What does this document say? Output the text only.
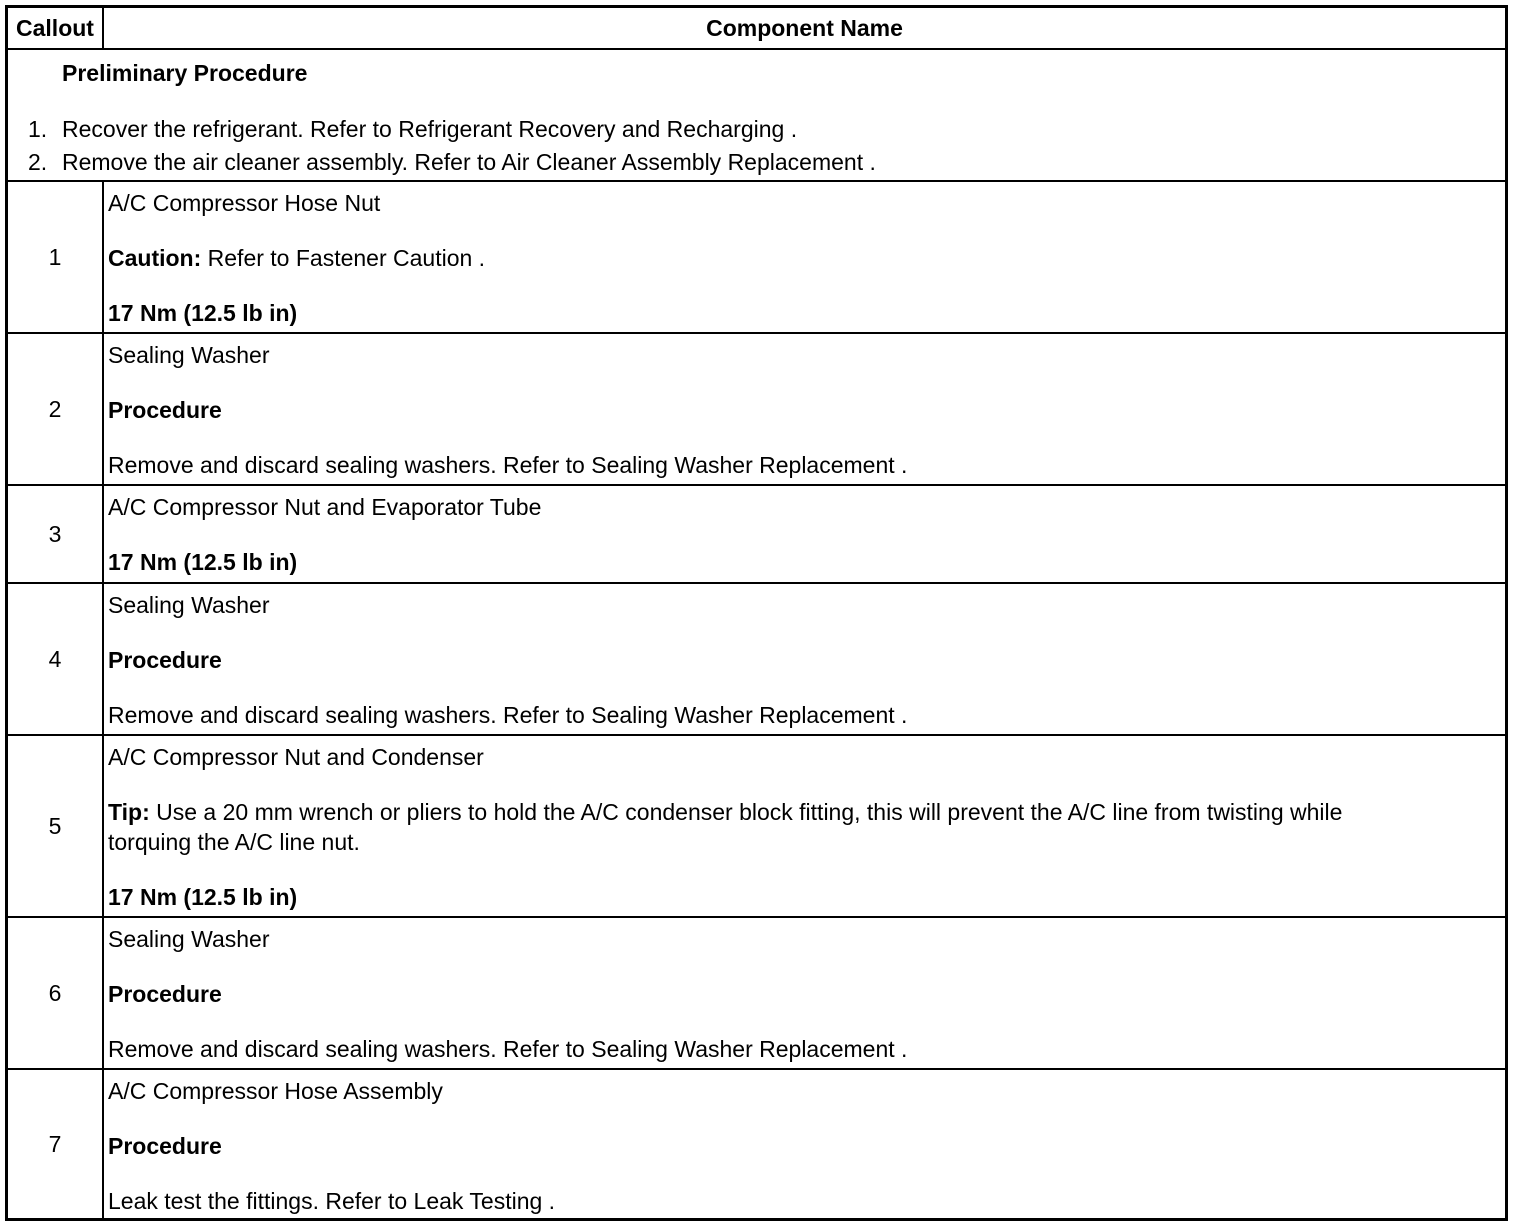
Callout	Component Name
Preliminary Procedure
1. Recover the refrigerant. Refer to Refrigerant Recovery and Recharging .
2. Remove the air cleaner assembly. Refer to Air Cleaner Assembly Replacement .
1

A/C Compressor Hose Nut

Caution: Refer to Fastener Caution .

17 Nm (12.5 lb in)

2

Sealing Washer

Procedure

Remove and discard sealing washers. Refer to Sealing Washer Replacement .

3

A/C Compressor Nut and Evaporator Tube

17 Nm (12.5 lb in)

4

Sealing Washer

Procedure

Remove and discard sealing washers. Refer to Sealing Washer Replacement .

5

A/C Compressor Nut and Condenser

Tip: Use a 20 mm wrench or pliers to hold the A/C condenser block fitting, this will prevent the A/C line from twisting while

torquing the A/C line nut.

17 Nm (12.5 lb in)

6

Sealing Washer

Procedure

Remove and discard sealing washers. Refer to Sealing Washer Replacement .

7

A/C Compressor Hose Assembly

Procedure

Leak test the fittings. Refer to Leak Testing .
